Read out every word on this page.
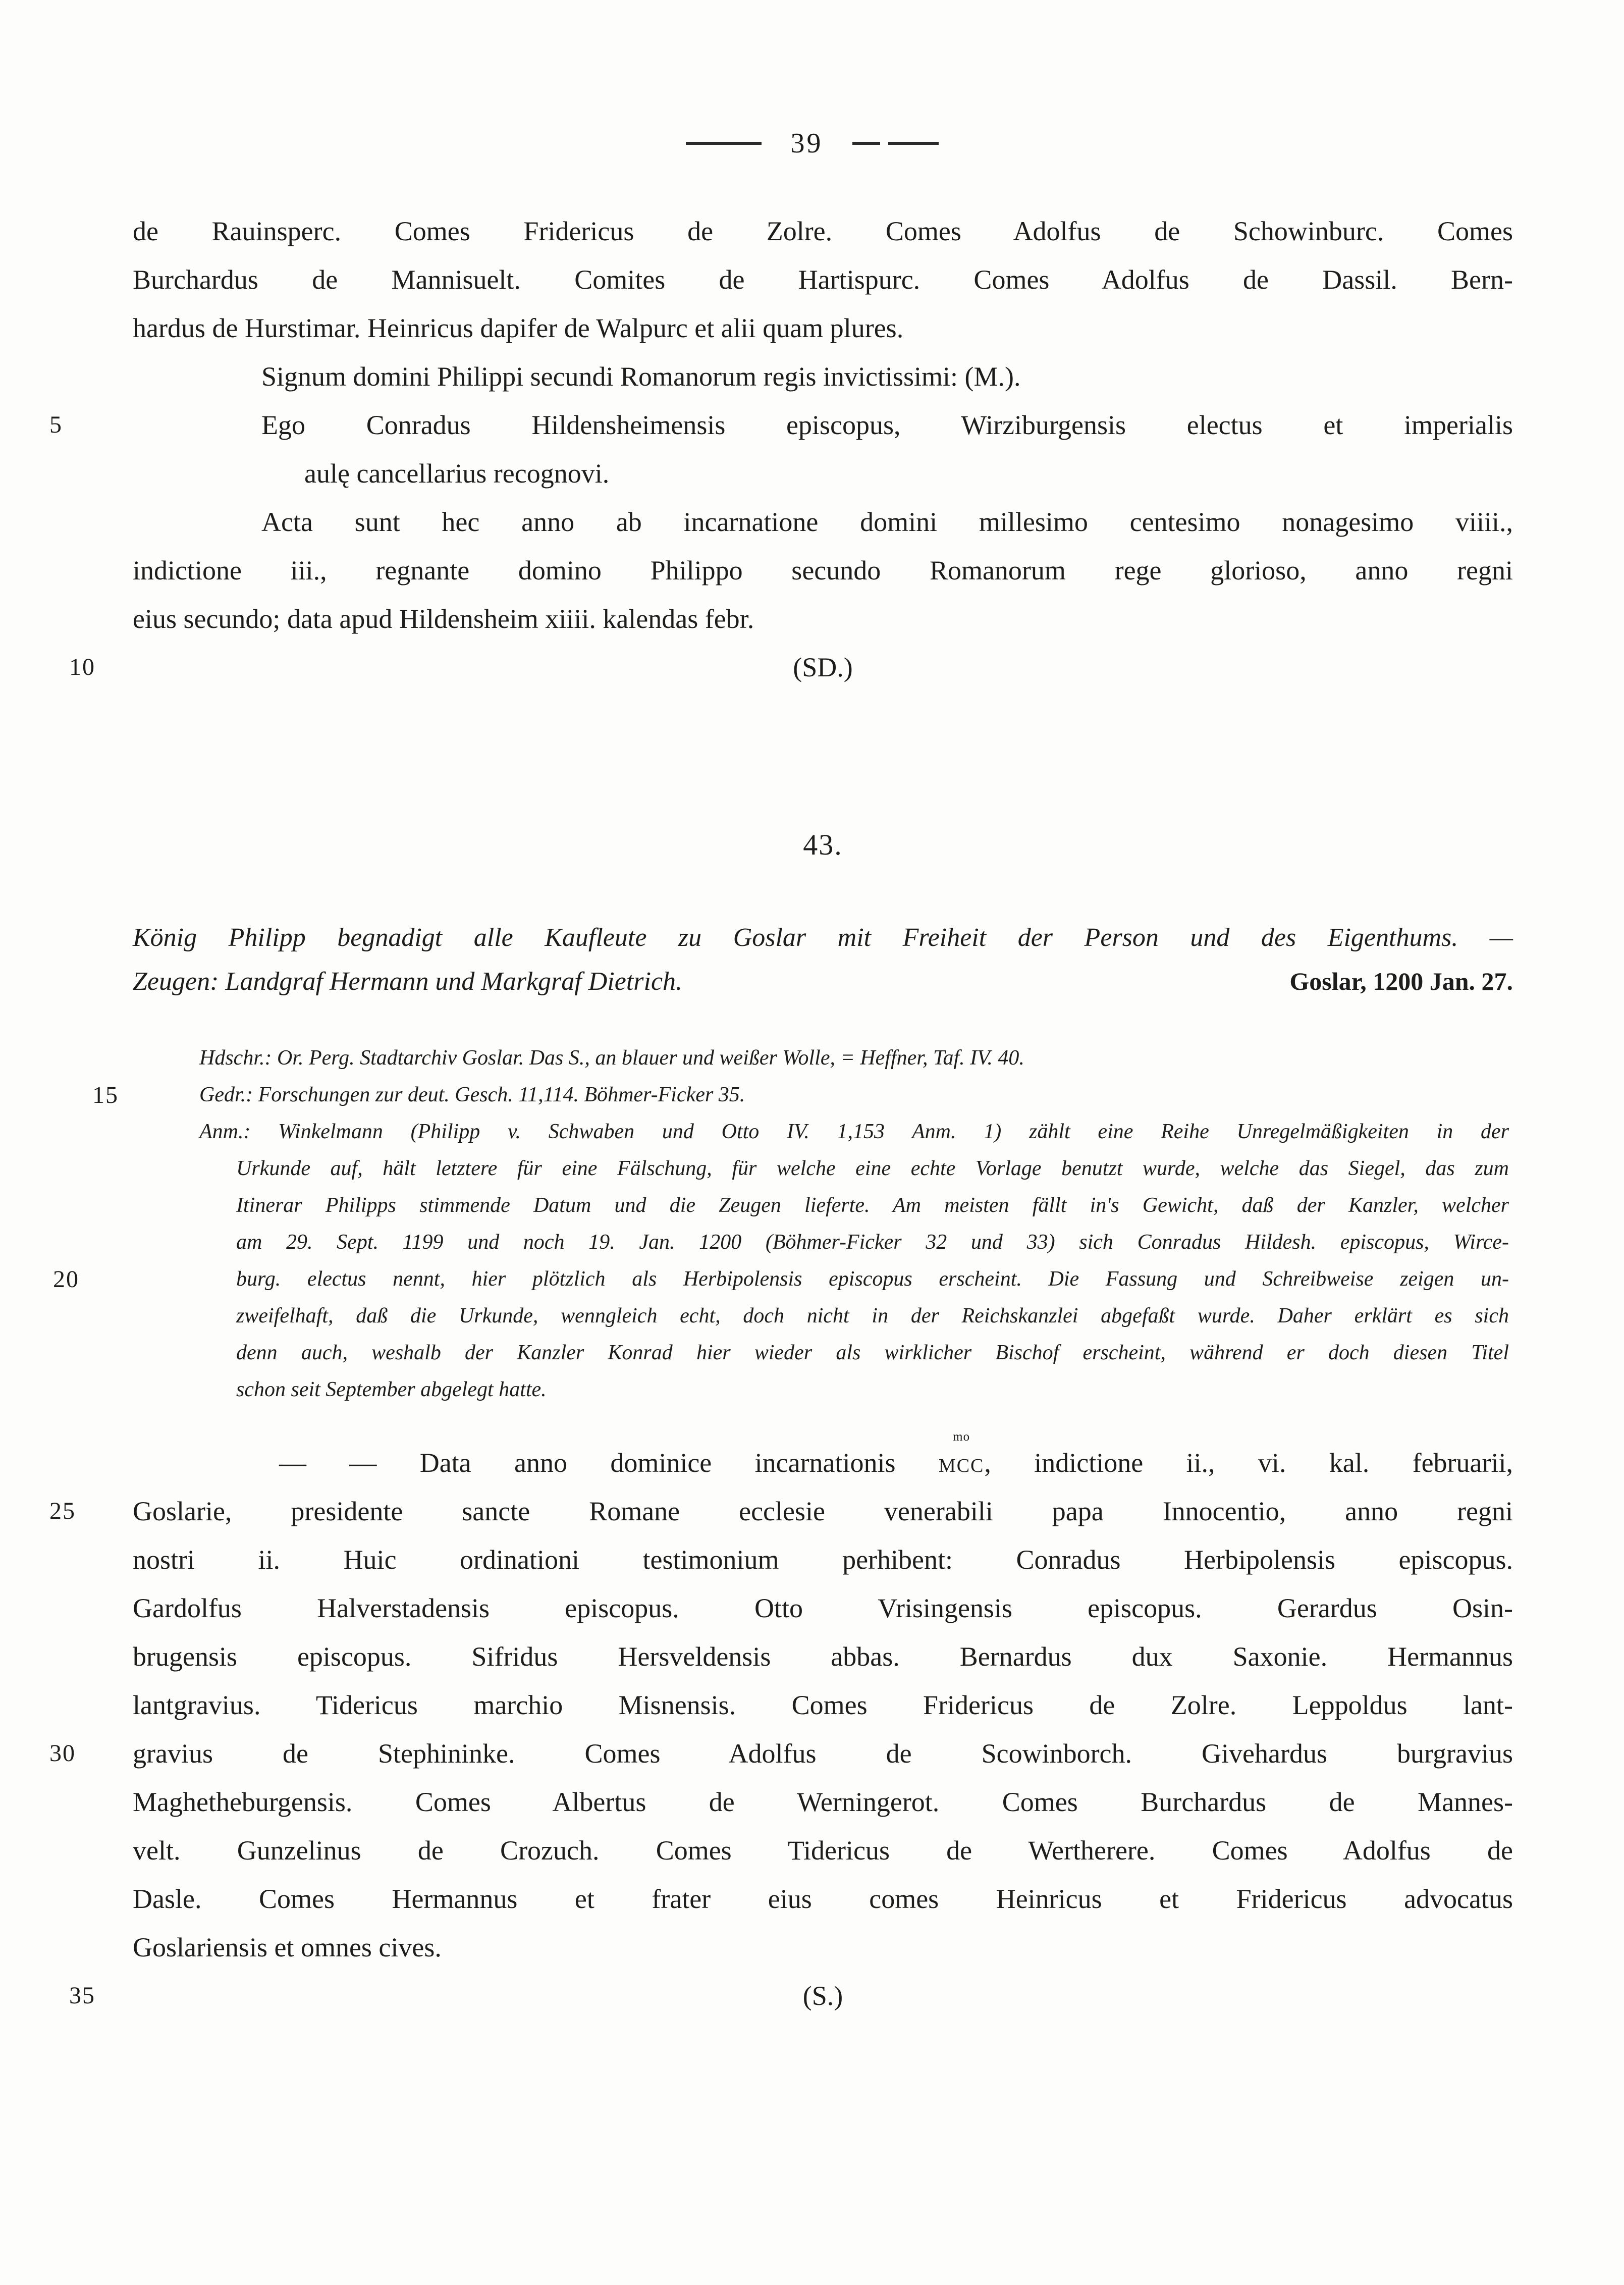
39
de Rauinsperc. Comes Fridericus de Zolre. Comes Adolfus de Schowinburc. Comes
Burchardus de Mannisuelt. Comites de Hartispurc. Comes Adolfus de Dassil. Bern-
hardus de Hurstimar. Heinricus dapifer de Walpurc et alii quam plures.
Signum domini Philippi secundi Romanorum regis invictissimi: (M.).
5	Ego Conradus Hildensheimensis episcopus, Wirziburgensis electus et imperialis
aulę cancellarius recognovi.
Acta sunt hec anno ab incarnatione domini millesimo centesimo nonagesimo viiii.,
indictione iii., regnante domino Philippo secundo Romanorum rege glorioso, anno regni
eius secundo; data apud Hildensheim xiiii. kalendas febr.
10	(SD.)
43.
König Philipp begnadigt alle Kaufleute zu Goslar mit Freiheit der Person und des Eigenthums. —
Zeugen: Landgraf Hermann und Markgraf Dietrich.	Goslar, 1200 Jan. 27.
Hdschr.: Or. Perg. Stadtarchiv Goslar. Das S., an blauer und weißer Wolle, = Heffner, Taf. IV. 40.
15	Gedr.: Forschungen zur deut. Gesch. 11,114. Böhmer-Ficker 35.
Anm.: Winkelmann (Philipp v. Schwaben und Otto IV. 1,153 Anm. 1) zählt eine Reihe Unregelmäßigkeiten in der
Urkunde auf, hält letztere für eine Fälschung, für welche eine echte Vorlage benutzt wurde, welche das Siegel, das zum
Itinerar Philipps stimmende Datum und die Zeugen lieferte. Am meisten fällt in's Gewicht, daß der Kanzler, welcher
am 29. Sept. 1199 und noch 19. Jan. 1200 (Böhmer-Ficker 32 und 33) sich Conradus Hildesh. episcopus, Wirce-
20	burg. electus nennt, hier plötzlich als Herbipolensis episcopus erscheint. Die Fassung und Schreibweise zeigen un-
zweifelhaft, daß die Urkunde, wenngleich echt, doch nicht in der Reichskanzlei abgefaßt wurde. Daher erklärt es sich
denn auch, weshalb der Kanzler Konrad hier wieder als wirklicher Bischof erscheint, während er doch diesen Titel
schon seit September abgelegt hatte.
— — Data anno dominice incarnationis
mo
mcc, indictione ii., vi. kal. februarii,
25	Goslarie, presidente sancte Romane ecclesie venerabili papa Innocentio, anno regni
nostri ii. Huic ordinationi testimonium perhibent: Conradus Herbipolensis episcopus.
Gardolfus Halverstadensis episcopus. Otto Vrisingensis episcopus. Gerardus Osin-
brugensis episcopus. Sifridus Hersveldensis abbas. Bernardus dux Saxonie. Hermannus
lantgravius. Tidericus marchio Misnensis. Comes Fridericus de Zolre. Leppoldus lant-
30	gravius de Stephininke. Comes Adolfus de Scowinborch. Givehardus burgravius
Maghetheburgensis. Comes Albertus de Werningerot. Comes Burchardus de Mannes-
velt. Gunzelinus de Crozuch. Comes Tidericus de Wertherere. Comes Adolfus de
Dasle. Comes Hermannus et frater eius comes Heinricus et Fridericus advocatus
Goslariensis et omnes cives.
35	(S.)
